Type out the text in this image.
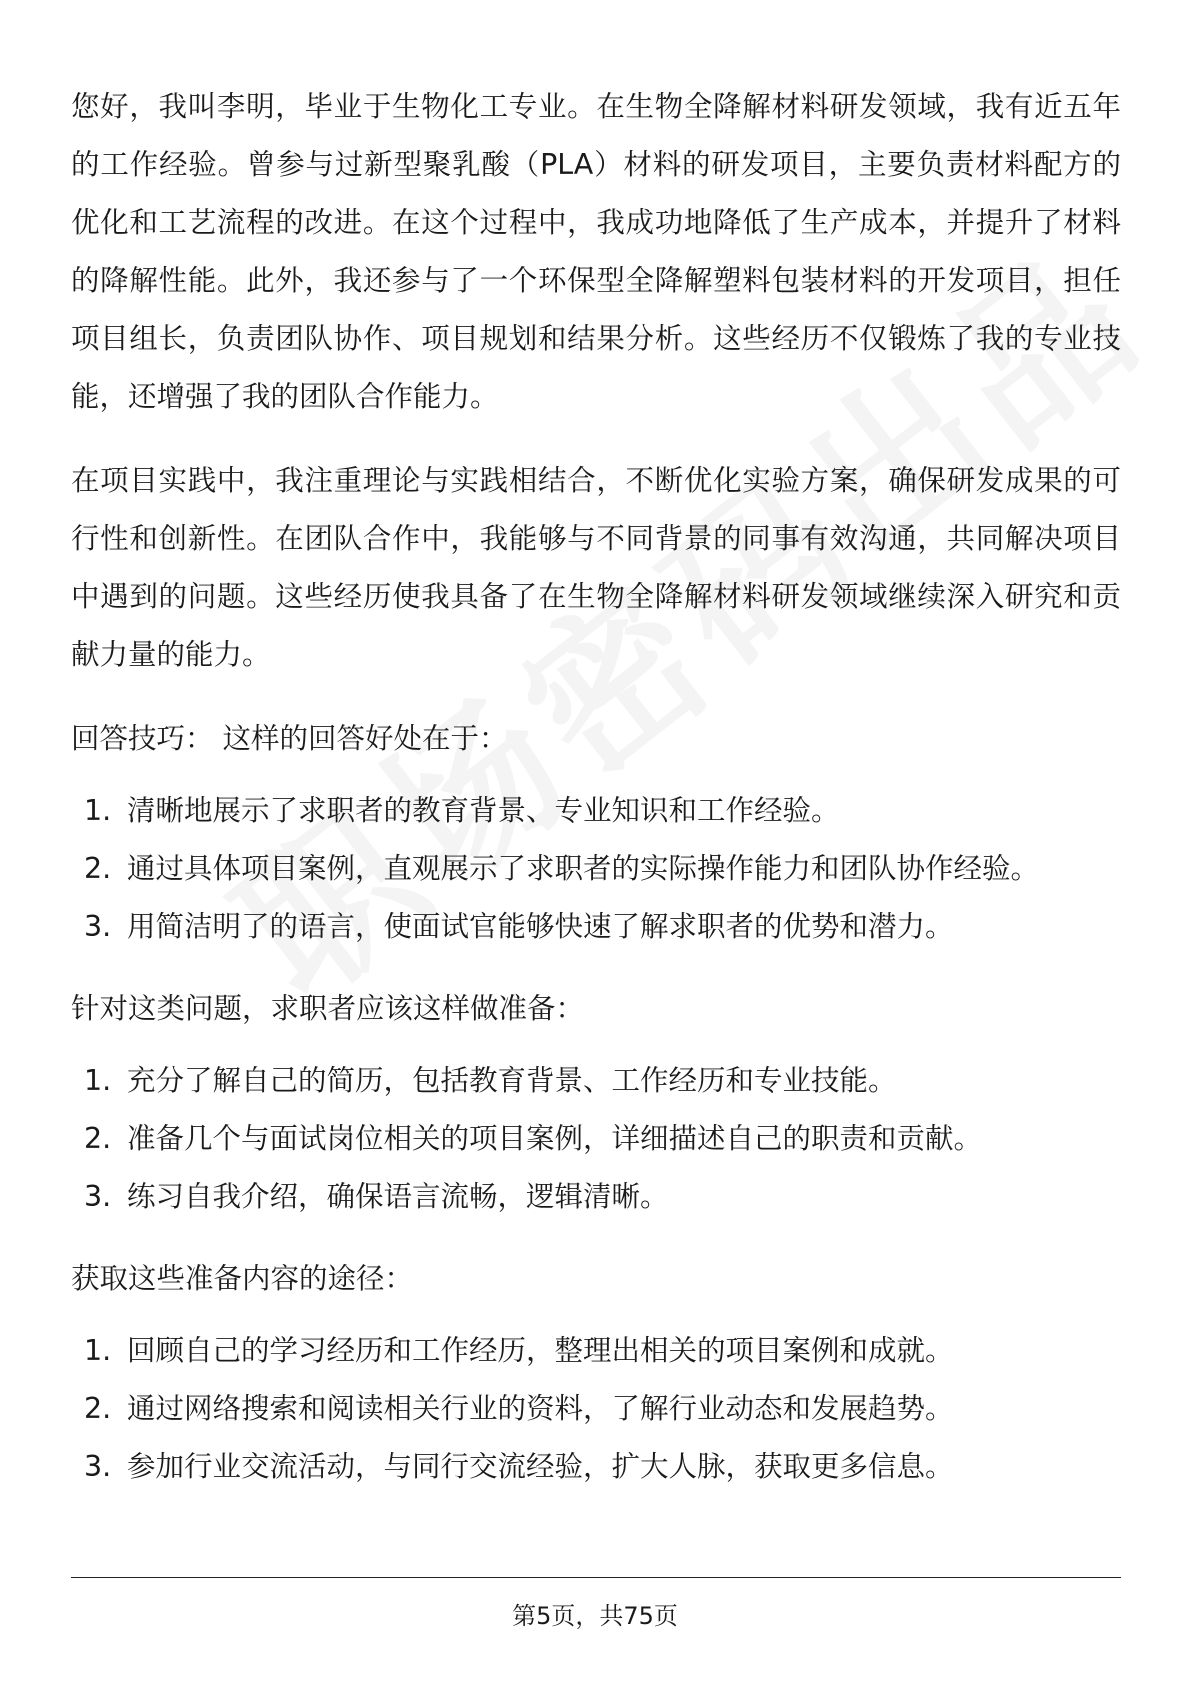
您好，我叫李明，毕业于生物化工专业。在生物全降解材料研发领域，我有近五年的工作经验。曾参与过新型聚乳酸（PLA）材料的研发项目，主要负责材料配方的优化和工艺流程的改进。在这个过程中，我成功地降低了生产成本，并提升了材料的降解性能。此外，我还参与了一个环保型全降解塑料包装材料的开发项目，担任项目组长，负责团队协作、项目规划和结果分析。这些经历不仅锻炼了我的专业技能，还增强了我的团队合作能力。

在项目实践中，我注重理论与实践相结合，不断优化实验方案，确保研发成果的可行性和创新性。在团队合作中，我能够与不同背景的同事有效沟通，共同解决项目中遇到的问题。这些经历使我具备了在生物全降解材料研发领域继续深入研究和贡献力量的能力。

回答技巧： 这样的回答好处在于：

1. 清晰地展示了求职者的教育背景、专业知识和工作经验。
2. 通过具体项目案例，直观展示了求职者的实际操作能力和团队协作经验。
3. 用简洁明了的语言，使面试官能够快速了解求职者的优势和潜力。

针对这类问题，求职者应该这样做准备：

1. 充分了解自己的简历，包括教育背景、工作经历和专业技能。
2. 准备几个与面试岗位相关的项目案例，详细描述自己的职责和贡献。
3. 练习自我介绍，确保语言流畅，逻辑清晰。

获取这些准备内容的途径：

1. 回顾自己的学习经历和工作经历，整理出相关的项目案例和成就。
2. 通过网络搜索和阅读相关行业的资料，了解行业动态和发展趋势。
3. 参加行业交流活动，与同行交流经验，扩大人脉，获取更多信息。
第5页，共75页
